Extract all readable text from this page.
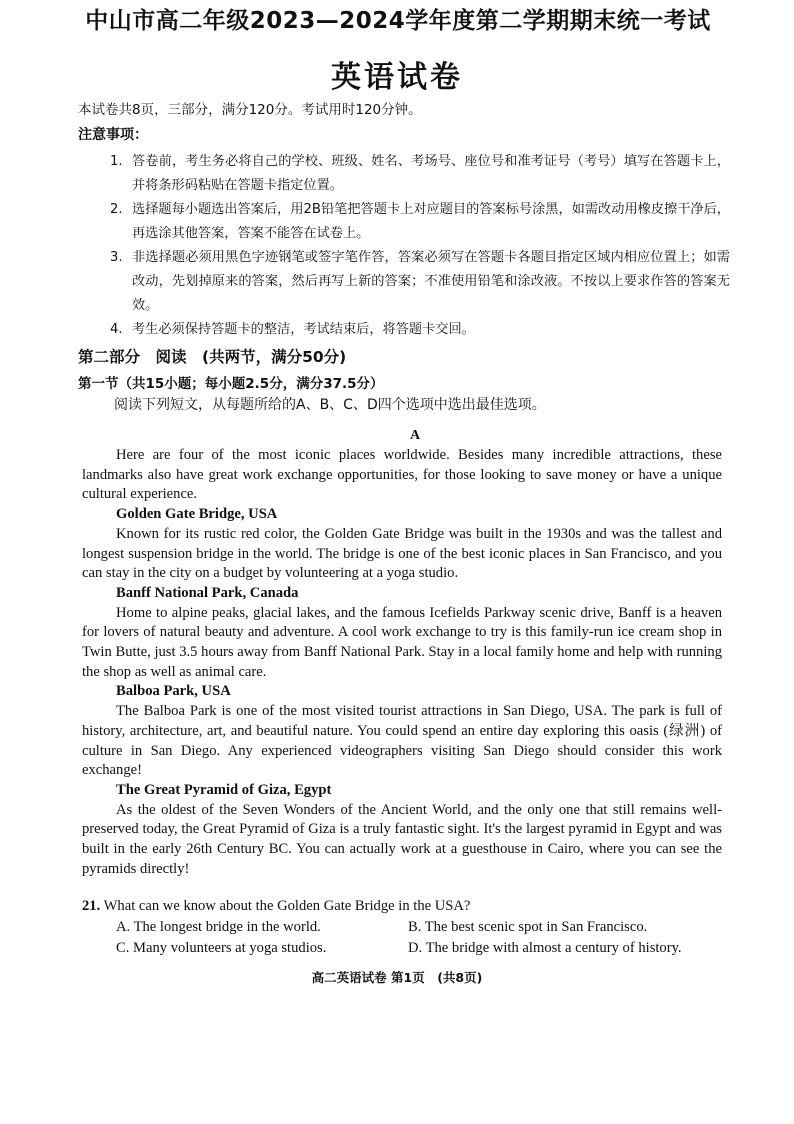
中山市高二年级2023—2024学年度第二学期期末统一考试
英语试卷
本试卷共8页，三部分，满分120分。考试用时120分钟。
注意事项：
1. 答卷前，考生务必将自己的学校、班级、姓名、考场号、座位号和准考证号（考号）填写在答题卡上，并将条形码粘贴在答题卡指定位置。
2. 选择题每小题选出答案后，用2B铅笔把答题卡上对应题目的答案标号涂黑，如需改动用橡皮擦干净后，再选涂其他答案，答案不能答在试卷上。
3. 非选择题必须用黑色字迹钢笔或签字笔作答，答案必须写在答题卡各题目指定区域内相应位置上；如需改动，先划掉原来的答案，然后再写上新的答案；不准使用铅笔和涂改液。不按以上要求作答的答案无效。
4. 考生必须保持答题卡的整洁，考试结束后，将答题卡交回。
第二部分　阅读　(共两节，满分50分)
第一节（共15小题；每小题2.5分，满分37.5分）
阅读下列短文，从每题所给的A、B、C、D四个选项中选出最佳选项。
A

Here are four of the most iconic places worldwide. Besides many incredible attractions, these landmarks also have great work exchange opportunities, for those looking to save money or have a unique cultural experience.

Golden Gate Bridge, USA

Known for its rustic red color, the Golden Gate Bridge was built in the 1930s and was the tallest and longest suspension bridge in the world. The bridge is one of the best iconic places in San Francisco, and you can stay in the city on a budget by volunteering at a yoga studio.

Banff National Park, Canada

Home to alpine peaks, glacial lakes, and the famous Icefields Parkway scenic drive, Banff is a heaven for lovers of natural beauty and adventure. A cool work exchange to try is this family-run ice cream shop in Twin Butte, just 3.5 hours away from Banff National Park. Stay in a local family home and help with running the shop as well as animal care.

Balboa Park, USA

The Balboa Park is one of the most visited tourist attractions in San Diego, USA. The park is full of history, architecture, art, and beautiful nature. You could spend an entire day exploring this oasis (绿洲) of culture in San Diego. Any experienced videographers visiting San Diego should consider this work exchange!

The Great Pyramid of Giza, Egypt

As the oldest of the Seven Wonders of the Ancient World, and the only one that still remains well-preserved today, the Great Pyramid of Giza is a truly fantastic sight. It's the largest pyramid in Egypt and was built in the early 26th Century BC. You can actually work at a guesthouse in Cairo, where you can see the pyramids directly!

21. What can we know about the Golden Gate Bridge in the USA?
A. The longest bridge in the world.	B. The best scenic spot in San Francisco.
C. Many volunteers at yoga studios.	D. The bridge with almost a century of history.
高二英语试卷 第1页　(共8页)
